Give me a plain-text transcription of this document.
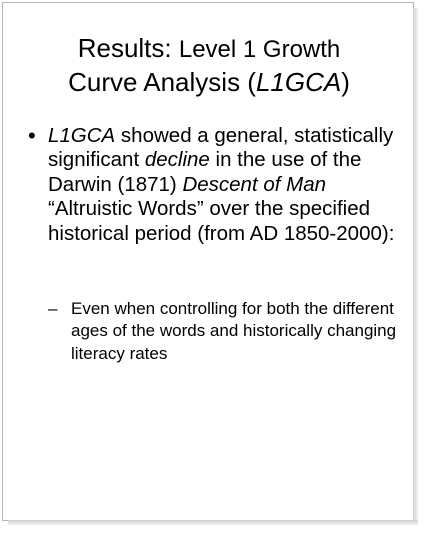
Results: Level 1 Growth
Curve Analysis (L1GCA)
• L1GCA showed a general, statistically significant decline in the use of the Darwin (1871) Descent of Man “Altruistic Words” over the specified historical period (from AD 1850-2000):
– Even when controlling for both the different ages of the words and historically changing literacy rates
